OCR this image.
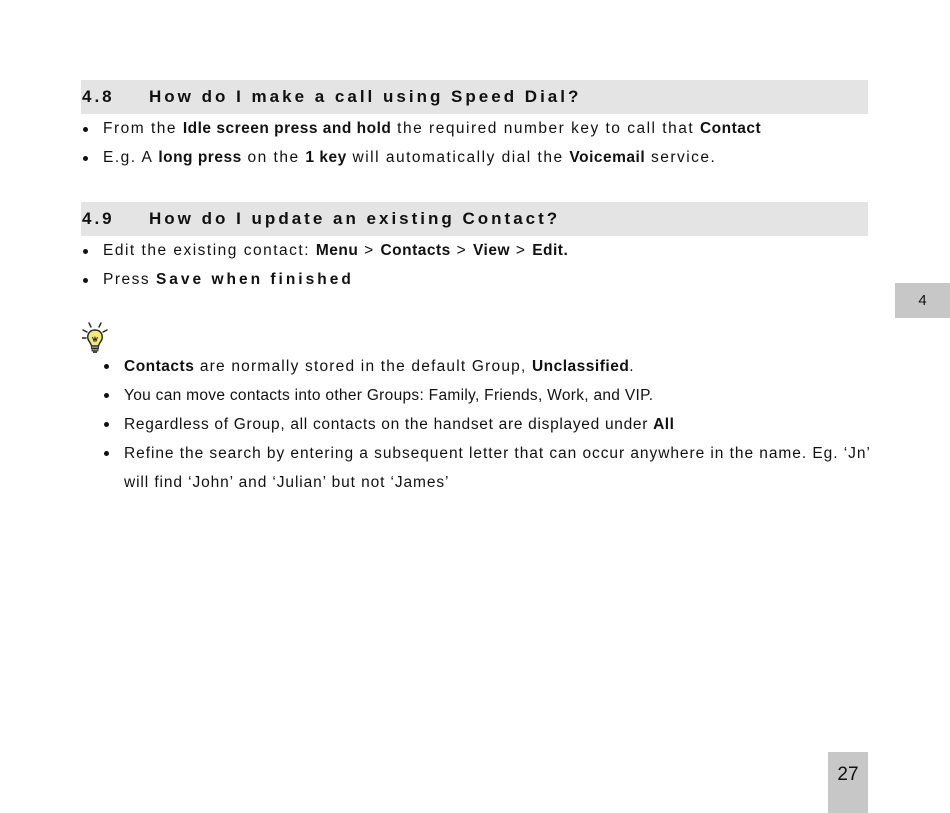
4.8	How do I make a call using Speed Dial?
From the Idle screen press and hold the required number key to call that Contact
E.g. A long press on the 1 key will automatically dial the Voicemail service.
4.9	How do I update an existing Contact?
Edit the existing contact: Menu > Contacts > View > Edit.
Press Save when finished
Contacts are normally stored in the default Group, Unclassified.
You can move contacts into other Groups: Family, Friends, Work, and VIP.
Regardless of Group, all contacts on the handset are displayed under All
Refine the search by entering a subsequent letter that can occur anywhere in the name. Eg. ‘Jn’
will find ‘John’ and ‘Julian’ but not ‘James’
4
27
